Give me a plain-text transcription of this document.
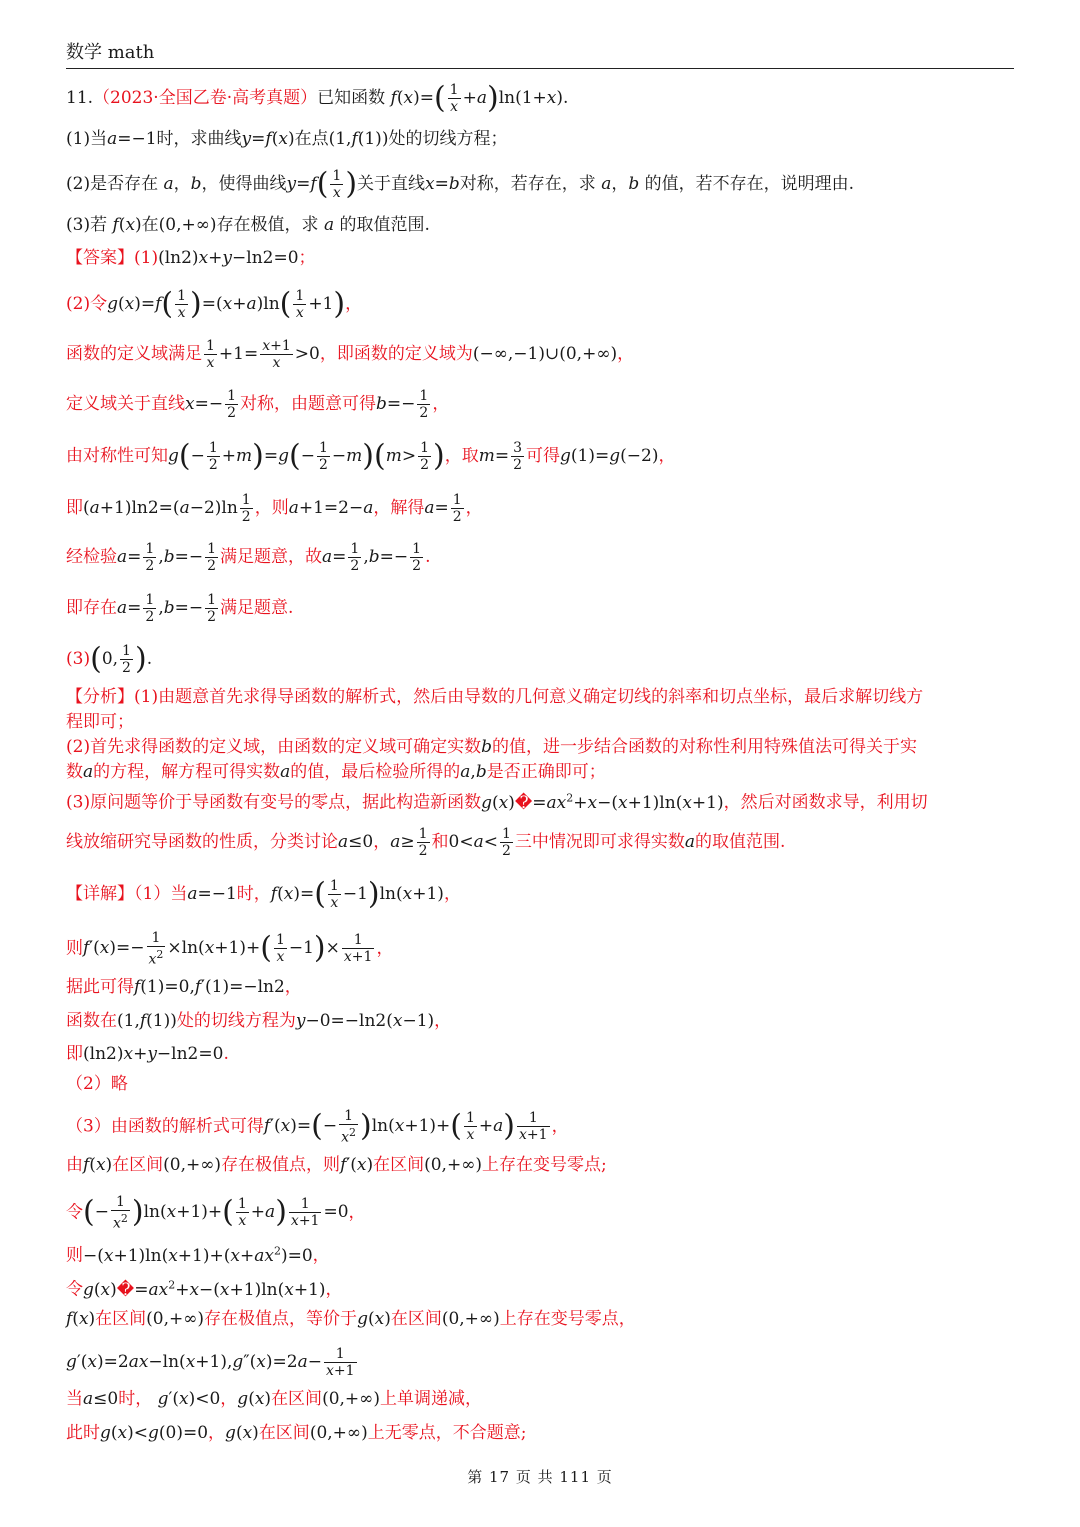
数学 math
11.（2023·全国乙卷·高考真题）已知函数 $f(x)=( \frac{1}{x} +a)\ln(1+x)$.
(1)当a=−1时，求曲线y=f(x)在点(1,f(1))处的切线方程；
(2)是否存在 a，b，使得曲线$y=f( \frac{1}{x}$ )关于直线x=b对称，若存在，求 a，b 的值，若不存在，说明理由.
(3)若 f(x)在(0,+∞)存在极值，求 a 的取值范围.
【答案】(1)(ln2)x+y−ln2=0；
(2)令$g(x)=f( \frac{1}{x} )=(x+a)\ln( \frac{1}{x} +1)$，
函数的定义域满足 $\frac{1}{x} +1= \frac{x+1}{x} >0$，即函数的定义域为(−∞,−1)∪(0,+∞)，
定义域关于直线$x=- \frac{1}{2}$ 对称，由题意可得$b=- \frac{1}{2}$ ，
由对称性可知$g(- \frac{1}{2} +m)=g(- \frac{1}{2} -m)(m> \frac{1}{2}$ )，取$m= \frac{3}{2}$ 可得g(1)=g(−2)，
即$(a+1)\ln 2=(a-2)\ln \frac{1}{2}$ ，则a+1=2−a，解得$a= \frac{1}{2}$ ，
经检验$a= \frac{1}{2} ,b=- \frac{1}{2}$ 满足题意，故$a= \frac{1}{2} ,b=- \frac{1}{2}$ .
即存在$a= \frac{1}{2} ,b=- \frac{1}{2}$ 满足题意.
(3)(0, $\frac{1}{2}$ ).
【分析】(1)由题意首先求得导函数的解析式，然后由导数的几何意义确定切线的斜率和切点坐标，最后求解切线方
程即可；
(2)首先求得函数的定义域，由函数的定义域可确定实数b的值，进一步结合函数的对称性利用特殊值法可得关于实
数a的方程，解方程可得实数a的值，最后检验所得的a,b是否正确即可；
(3)原问题等价于导函数有变号的零点，据此构造新函数$g(x)�=ax^2+x-(x+1)\ln(x+1)$，然后对函数求导，利用切
线放缩研究导函数的性质，分类讨论a≤0，$a\ge \frac{1}{2}$ 和$0<a< \frac{1}{2}$ 三中情况即可求得实数a的取值范围.
【详解】（1）当a=−1时，$f(x)=( \frac{1}{x} -1)\ln(x+1)$，
则$f'(x)=- \frac{1}{x^2} \times\ln(x+1)+( \frac{1}{x} -1)\times \frac{1}{x+1}$ ，
据此可得f(1)=0,f′(1)=−ln2，
函数在(1,f(1))处的切线方程为y−0=−ln2(x−1)，
即(ln2)x+y−ln2=0.
（2）略
（3）由函数的解析式可得$f'(x)=(- \frac{1}{x^2} )\ln(x+1)+( \frac{1}{x} +a) \frac{1}{x+1}$ ，
由f(x)在区间(0,+∞)存在极值点，则f′(x)在区间(0,+∞)上存在变号零点;
令(− $\frac{1}{x^2} )\ln(x+1)+( \frac{1}{x} +a) \frac{1}{x+1} =0$，
则$-(x+1)\ln(x+1)+(x+ax^2)=0$，
令$g(x)�=ax^2+x-(x+1)\ln(x+1)$，
f(x)在区间(0,+∞)存在极值点，等价于g(x)在区间(0,+∞)上存在变号零点，
$g'(x)=2ax-\ln(x+1),g''(x)=2a- \frac{1}{x+1}$
当a≤0时， g′(x)<0，g(x)在区间(0,+∞)上单调递减，
此时g(x)<g(0)=0，g(x)在区间(0,+∞)上无零点，不合题意;
第 17 页 共 111 页
